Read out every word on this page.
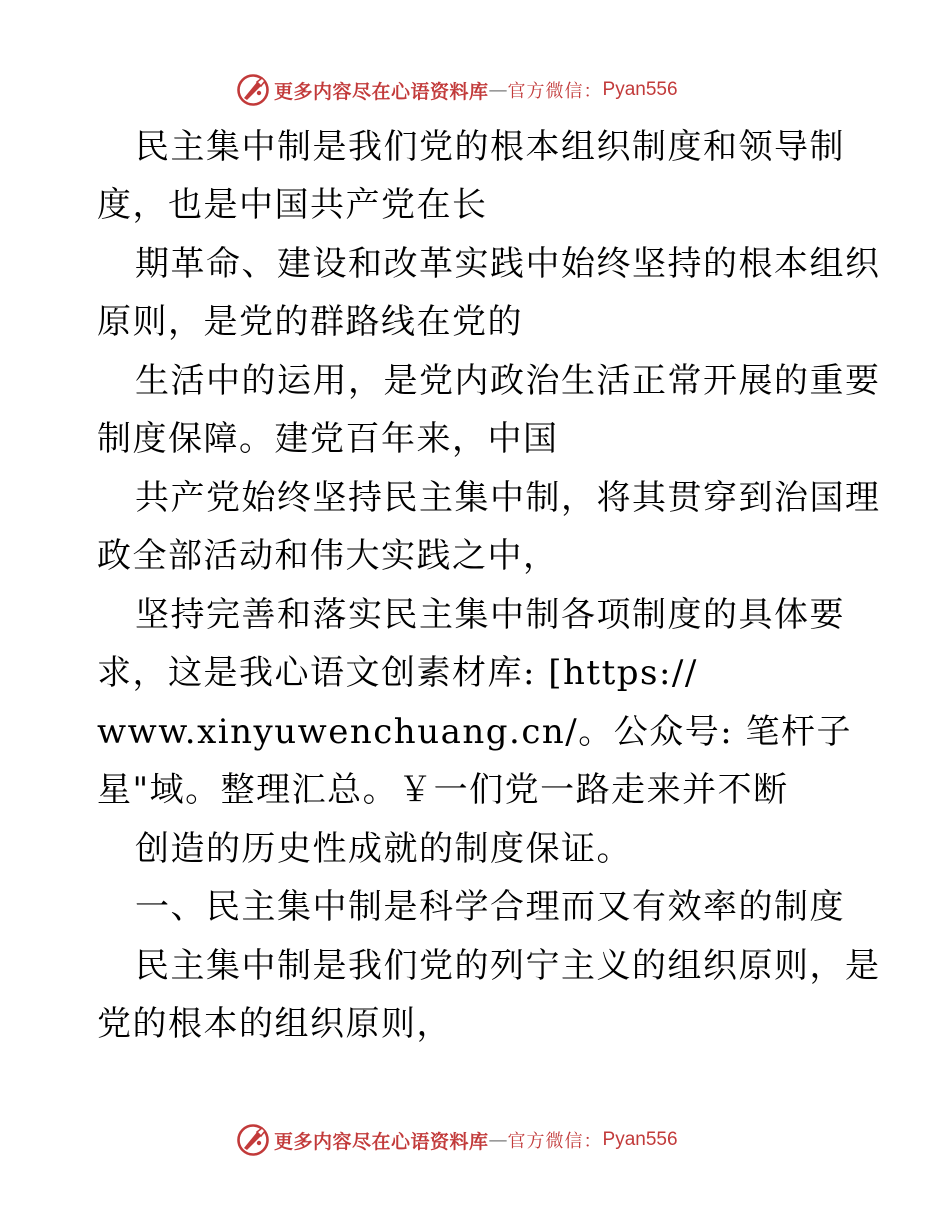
更多内容尽在心语资料库 — 官方微信： Pyan556

民主集中制是我们党的根本组织制度和领导制

度，也是中国共产党在长

期革命、建设和改革实践中始终坚持的根本组织

原则，是党的群路线在党的

生活中的运用，是党内政治生活正常开展的重要

制度保障。建党百年来，中国

共产党始终坚持民主集中制，将其贯穿到治国理

政全部活动和伟大实践之中，

坚持完善和落实民主集中制各项制度的具体要

求，这是我心语文创素材库: [https://

www.xinyuwenchuang.cn/。公众号: 笔杆子

星"域。整理汇总。￥一们党一路走来并不断

创造的历史性成就的制度保证。

一、民主集中制是科学合理而又有效率的制度

民主集中制是我们党的列宁主义的组织原则，是

党的根本的组织原则，

更多内容尽在心语资料库 — 官方微信： Pyan556
